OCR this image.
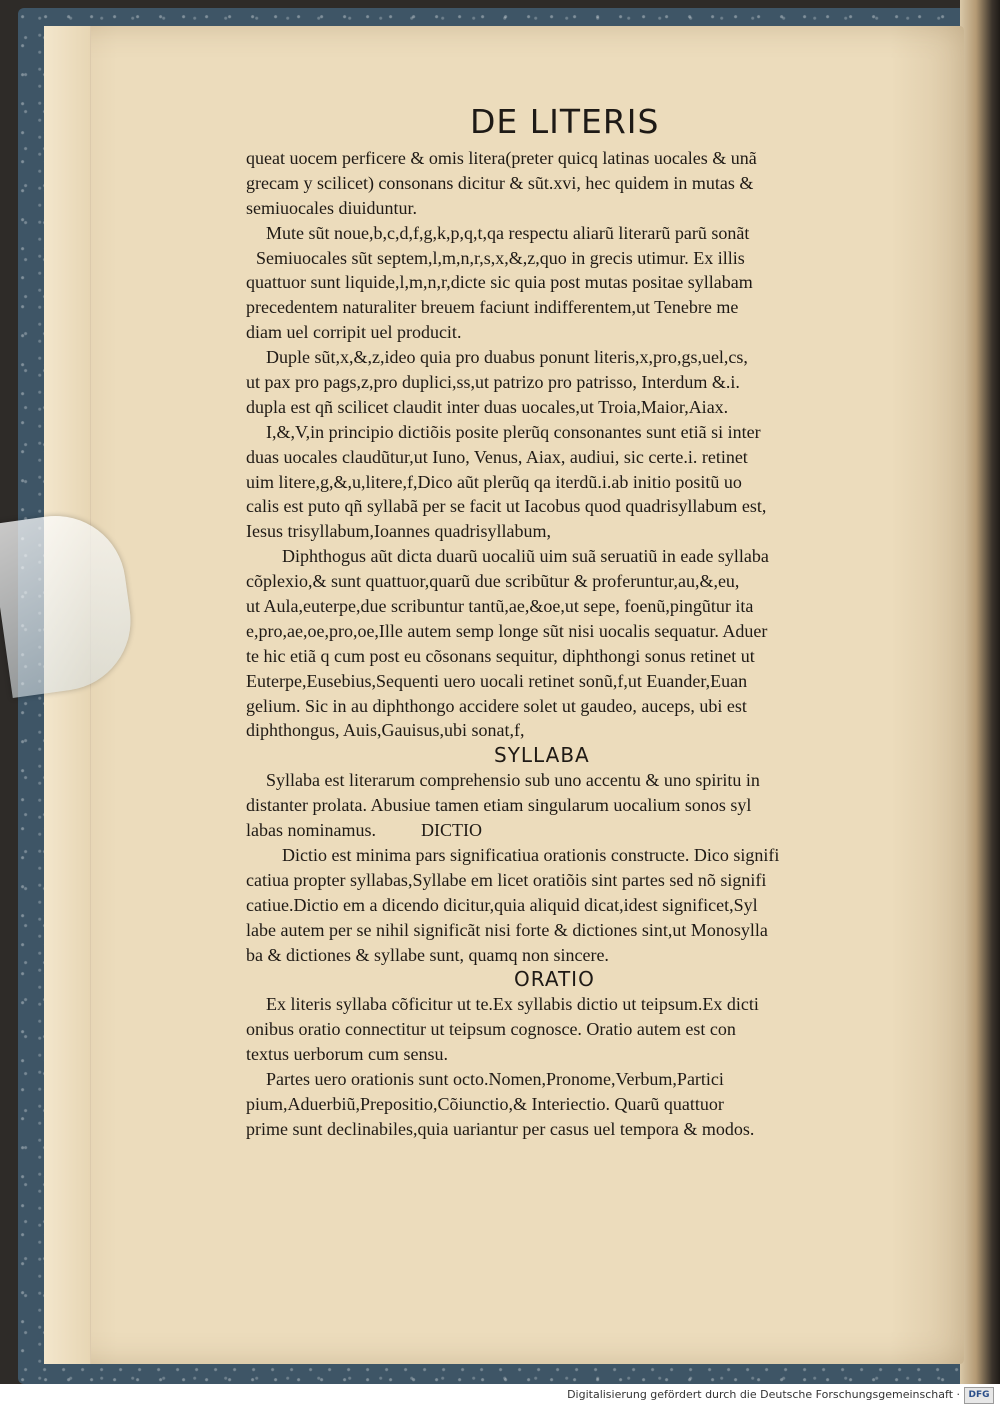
DE LITERIS
queat uocem perficere & omis litera(preter quicq latinas uocales & unã
grecam y scilicet) consonans dicitur & sũt.xvi, hec quidem in mutas &
semiuocales diuiduntur.
Mute sũt noue,b,c,d,f,g,k,p,q,t,qa respectu aliarũ literarũ parũ sonãt
Semiuocales sũt septem,l,m,n,r,s,x,&,z,quo in grecis utimur. Ex illis
quattuor sunt liquide,l,m,n,r,dicte sic quia post mutas positae syllabam
precedentem naturaliter breuem faciunt indifferentem,ut Tenebre me
diam uel corripit uel producit.
Duple sũt,x,&,z,ideo quia pro duabus ponunt literis,x,pro,gs,uel,cs,
ut pax pro pags,z,pro duplici,ss,ut patrizo pro patrisso, Interdum &.i.
dupla est qñ scilicet claudit inter duas uocales,ut Troia,Maior,Aiax.
I,&,V,in principio dictiõis posite plerũq consonantes sunt etiã si inter
duas uocales claudũtur,ut Iuno, Venus, Aiax, audiui, sic certe.i. retinet
uim litere,g,&,u,litere,f,Dico aũt plerũq qa iterdũ.i.ab initio positũ uo
calis est puto qñ syllabã per se facit ut Iacobus quod quadrisyllabum est,
Iesus trisyllabum,Ioannes quadrisyllabum,
Diphthogus aũt dicta duarũ uocaliũ uim suã seruatiũ in eade syllaba
cõplexio,& sunt quattuor,quarũ due scribũtur & proferuntur,au,&,eu,
ut Aula,euterpe,due scribuntur tantũ,ae,&oe,ut sepe, foenũ,pingũtur ita
e,pro,ae,oe,pro,oe,Ille autem semp longe sũt nisi uocalis sequatur. Aduer
te hic etiã q cum post eu cõsonans sequitur, diphthongi sonus retinet ut
Euterpe,Eusebius,Sequenti uero uocali retinet sonũ,f,ut Euander,Euan
gelium. Sic in au diphthongo accidere solet ut gaudeo, auceps, ubi est
diphthongus, Auis,Gauisus,ubi sonat,f,
SYLLABA
Syllaba est literarum comprehensio sub uno accentu & uno spiritu in
distanter prolata. Abusiue tamen etiam singularum uocalium sonos syl
labas nominamus.          DICTIO
Dictio est minima pars significatiua orationis constructe. Dico signifi
catiua propter syllabas,Syllabe em licet oratiõis sint partes sed nõ signifi
catiue.Dictio em a dicendo dicitur,quia aliquid dicat,idest significet,Syl
labe autem per se nihil significãt nisi forte & dictiones sint,ut Monosylla
ba & dictiones & syllabe sunt, quamq non sincere.
ORATIO
Ex literis syllaba cõficitur ut te.Ex syllabis dictio ut teipsum.Ex dicti
onibus oratio connectitur ut teipsum cognosce. Oratio autem est con
textus uerborum cum sensu.
Partes uero orationis sunt octo.Nomen,Pronome,Verbum,Partici
pium,Aduerbiũ,Prepositio,Cõiunctio,& Interiectio. Quarũ quattuor
prime sunt declinabiles,quia uariantur per casus uel tempora & modos.
Digitalisierung gefördert durch die Deutsche Forschungsgemeinschaft · DFG
